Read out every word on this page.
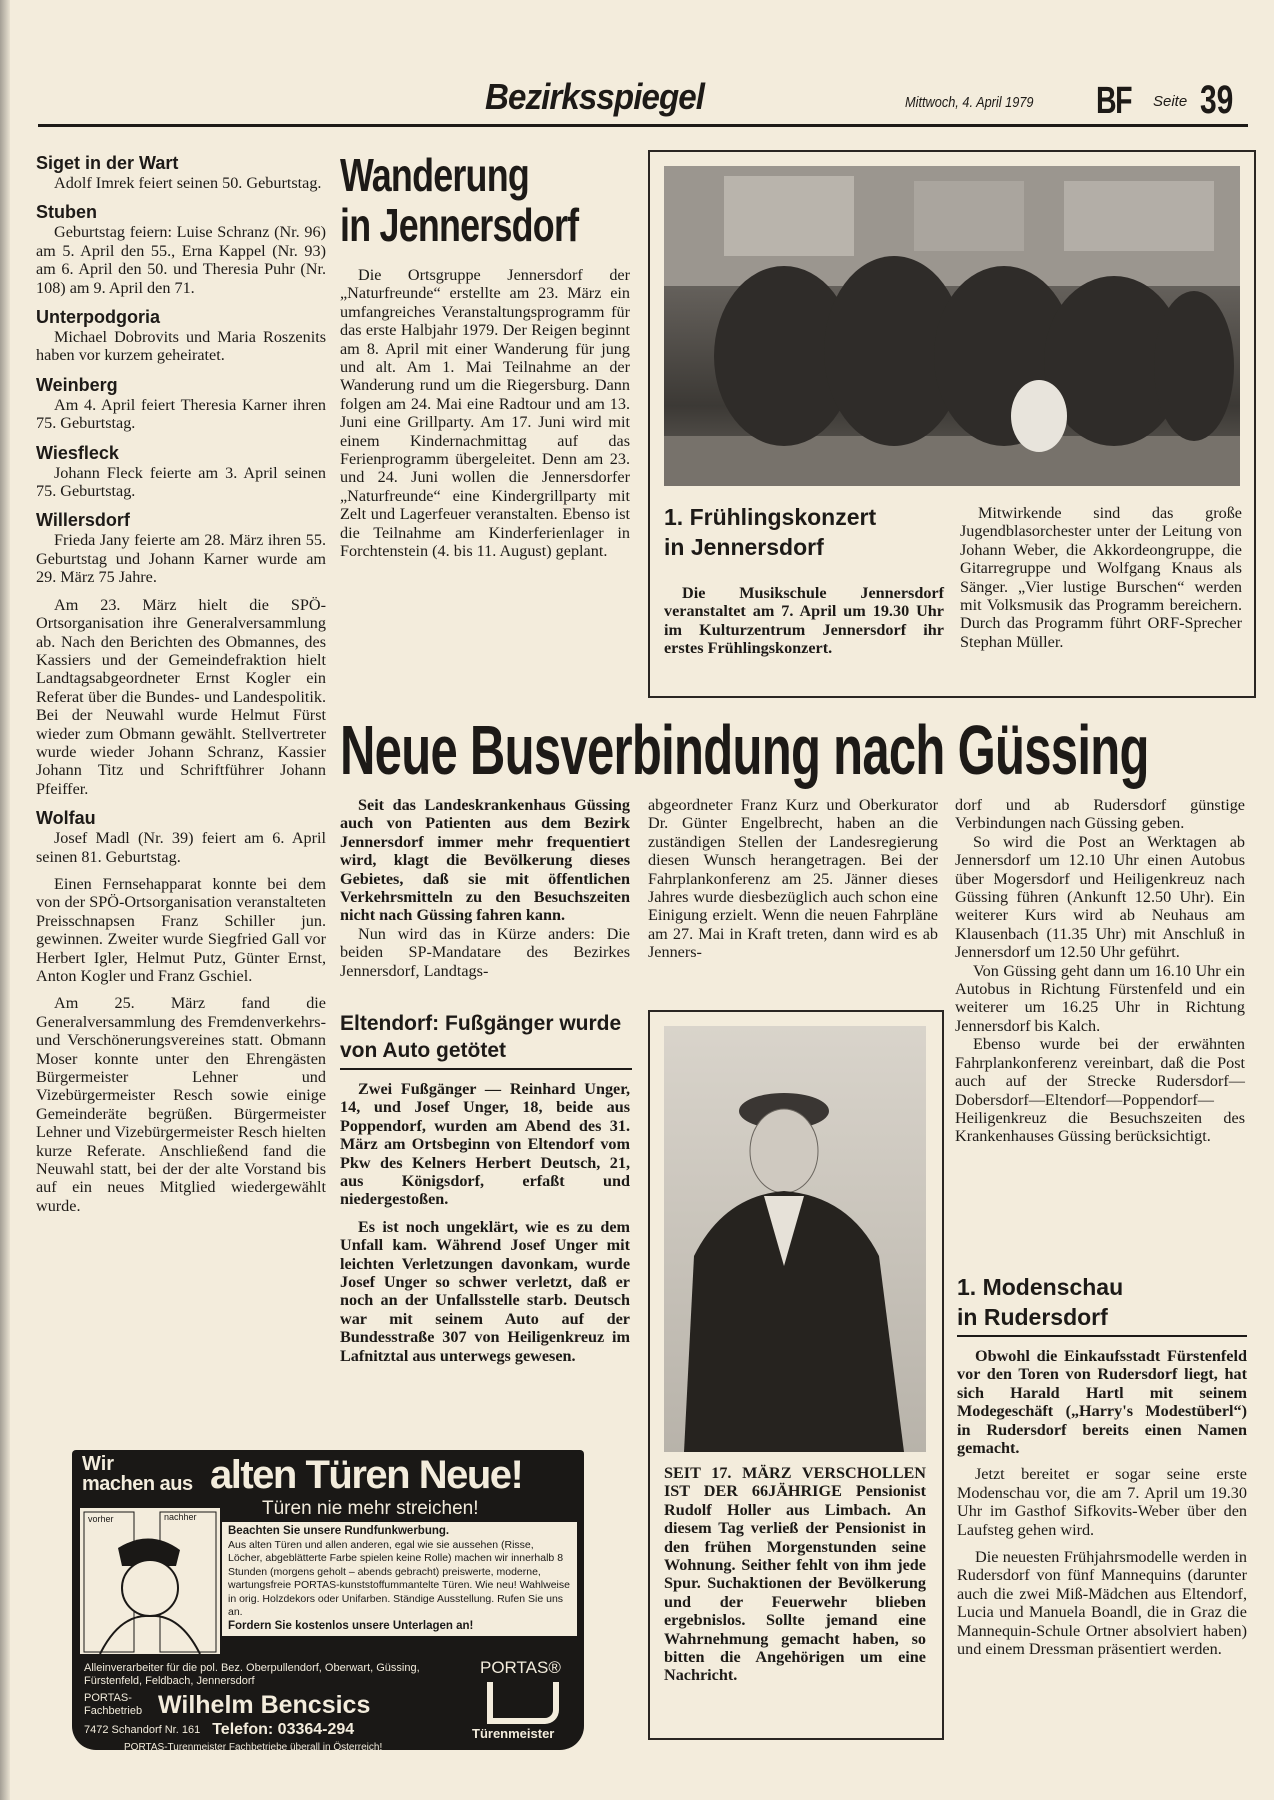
Bezirksspiegel	Mittwoch, 4. April 1979 BF Seite 39
Siget in der Wart

Adolf Imrek feiert seinen 50. Geburtstag.

Stuben

Geburtstag feiern: Luise Schranz (Nr. 96) am 5. April den 55., Erna Kappel (Nr. 93) am 6. April den 50. und Theresia Puhr (Nr. 108) am 9. April den 71.

Unterpodgoria

Michael Dobrovits und Maria Roszenits haben vor kurzem geheiratet.

Weinberg

Am 4. April feiert Theresia Karner ihren 75. Geburtstag.

Wiesfleck

Johann Fleck feierte am 3. April seinen 75. Geburtstag.

Willersdorf

Frieda Jany feierte am 28. März ihren 55. Geburtstag und Johann Karner wurde am 29. März 75 Jahre.

Am 23. März hielt die SPÖ-Ortsorganisation ihre Generalversammlung ab. Nach den Berichten des Obmannes, des Kassiers und der Gemeindefraktion hielt Landtagsabgeordneter Ernst Kogler ein Referat über die Bundes- und Landespolitik. Bei der Neuwahl wurde Helmut Fürst wieder zum Obmann gewählt. Stellvertreter wurde wieder Johann Schranz, Kassier Johann Titz und Schriftführer Johann Pfeiffer.

Wolfau

Josef Madl (Nr. 39) feiert am 6. April seinen 81. Geburtstag.

Einen Fernsehapparat konnte bei dem von der SPÖ-Ortsorganisation veranstalteten Preisschnapsen Franz Schiller jun. gewinnen. Zweiter wurde Siegfried Gall vor Herbert Igler, Helmut Putz, Günter Ernst, Anton Kogler und Franz Gschiel.

Am 25. März fand die Generalversammlung des Fremdenverkehrs- und Verschönerungsvereines statt. Obmann Moser konnte unter den Ehrengästen Bürgermeister Lehner und Vizebürgermeister Resch sowie einige Gemeinderäte begrüßen. Bürgermeister Lehner und Vizebürgermeister Resch hielten kurze Referate. Anschließend fand die Neuwahl statt, bei der der alte Vorstand bis auf ein neues Mitglied wiedergewählt wurde.

Wanderung
in Jennersdorf

Die Ortsgruppe Jennersdorf der „Naturfreunde“ erstellte am 23. März ein umfangreiches Veranstaltungsprogramm für das erste Halbjahr 1979. Der Reigen beginnt am 8. April mit einer Wanderung für jung und alt. Am 1. Mai Teilnahme an der Wanderung rund um die Riegersburg. Dann folgen am 24. Mai eine Radtour und am 13. Juni eine Grillparty. Am 17. Juni wird mit einem Kindernachmittag auf das Ferienprogramm übergeleitet. Denn am 23. und 24. Juni wollen die Jennersdorfer „Naturfreunde“ eine Kindergrillparty mit Zelt und Lagerfeuer veranstalten. Ebenso ist die Teilnahme am Kinderferienlager in Forchtenstein (4. bis 11. August) geplant.

1. Frühlingskonzert
in Jennersdorf

Die Musikschule Jennersdorf veranstaltet am 7. April um 19.30 Uhr im Kulturzentrum Jennersdorf ihr erstes Frühlingskonzert.

Mitwirkende sind das große Jugendblasorchester unter der Leitung von Johann Weber, die Akkordeongruppe, die Gitarregruppe und Wolfgang Knaus als Sänger. „Vier lustige Burschen“ werden mit Volksmusik das Programm bereichern. Durch das Programm führt ORF-Sprecher Stephan Müller.

Neue Busverbindung nach Güssing

Seit das Landeskrankenhaus Güssing auch von Patienten aus dem Bezirk Jennersdorf immer mehr frequentiert wird, klagt die Bevölkerung dieses Gebietes, daß sie mit öffentlichen Verkehrsmitteln zu den Besuchszeiten nicht nach Güssing fahren kann.

Nun wird das in Kürze anders: Die beiden SP-Mandatare des Bezirkes Jennersdorf, Landtags-

Eltendorf: Fußgänger wurde von Auto getötet

Zwei Fußgänger — Reinhard Unger, 14, und Josef Unger, 18, beide aus Poppendorf, wurden am Abend des 31. März am Ortsbeginn von Eltendorf vom Pkw des Kelners Herbert Deutsch, 21, aus Königsdorf, erfaßt und niedergestoßen.

Es ist noch ungeklärt, wie es zu dem Unfall kam. Während Josef Unger mit leichten Verletzungen davonkam, wurde Josef Unger so schwer verletzt, daß er noch an der Unfallsstelle starb. Deutsch war mit seinem Auto auf der Bundesstraße 307 von Heiligenkreuz im Lafnitztal aus unterwegs gewesen.

abgeordneter Franz Kurz und Oberkurator Dr. Günter Engelbrecht, haben an die zuständigen Stellen der Landesregierung diesen Wunsch herangetragen. Bei der Fahrplankonferenz am 25. Jänner dieses Jahres wurde diesbezüglich auch schon eine Einigung erzielt. Wenn die neuen Fahrpläne am 27. Mai in Kraft treten, dann wird es ab Jenners-

SEIT 17. MÄRZ VERSCHOLLEN IST DER 66JÄHRIGE Pensionist Rudolf Holler aus Limbach. An diesem Tag verließ der Pensionist in den frühen Morgenstunden seine Wohnung. Seither fehlt von ihm jede Spur. Suchaktionen der Bevölkerung und der Feuerwehr blieben ergebnislos. Sollte jemand eine Wahrnehmung gemacht haben, so bitten die Angehörigen um eine Nachricht.

dorf und ab Rudersdorf günstige Verbindungen nach Güssing geben.

So wird die Post an Werktagen ab Jennersdorf um 12.10 Uhr einen Autobus über Mogersdorf und Heiligenkreuz nach Güssing führen (Ankunft 12.50 Uhr). Ein weiterer Kurs wird ab Neuhaus am Klausenbach (11.35 Uhr) mit Anschluß in Jennersdorf um 12.50 Uhr geführt.

Von Güssing geht dann um 16.10 Uhr ein Autobus in Richtung Fürstenfeld und ein weiterer um 16.25 Uhr in Richtung Jennersdorf bis Kalch.

Ebenso wurde bei der erwähnten Fahrplankonferenz vereinbart, daß die Post auch auf der Strecke Rudersdorf—Dobersdorf—Eltendorf—Poppendorf—Heiligenkreuz die Besuchszeiten des Krankenhauses Güssing berücksichtigt.

1. Modenschau
in Rudersdorf

Obwohl die Einkaufsstadt Fürstenfeld vor den Toren von Rudersdorf liegt, hat sich Harald Hartl mit seinem Modegeschäft („Harry's Modestüberl“) in Rudersdorf bereits einen Namen gemacht.

Jetzt bereitet er sogar seine erste Modenschau vor, die am 7. April um 19.30 Uhr im Gasthof Sifkovits-Weber über den Laufsteg gehen wird.

Die neuesten Frühjahrsmodelle werden in Rudersdorf von fünf Mannequins (darunter auch die zwei Miß-Mädchen aus Eltendorf, Lucia und Manuela Boandl, die in Graz die Mannequin-Schule Ortner absolviert haben) und einem Dressman präsentiert werden.

Wir
machen aus alten Türen Neue!
Türen nie mehr streichen!
vorher	nachher
Beachten Sie unsere Rundfunkwerbung.
Aus alten Türen und allen anderen, egal wie sie aussehen (Risse, Löcher, abgeblätterte Farbe spielen keine Rolle) machen wir innerhalb 8 Stunden (morgens geholt – abends gebracht) preiswerte, moderne, wartungsfreie PORTAS-kunststoffummantelte Türen. Wie neu! Wahlweise in orig. Holzdekors oder Unifarben. Ständige Ausstellung. Rufen Sie uns an.
Fordern Sie kostenlos unsere Unterlagen an!
Alleinverarbeiter für die pol. Bez. Oberpullendorf, Oberwart, Güssing, Fürstenfeld, Feldbach, Jennersdorf
PORTAS-Fachbetrieb Wilhelm Bencsics
7472 Schandorf Nr. 161 Telefon: 03364-294
PORTAS-Turenmeister Fachbetriebe überall in Österreich!
PORTAS®
Türenmeister
